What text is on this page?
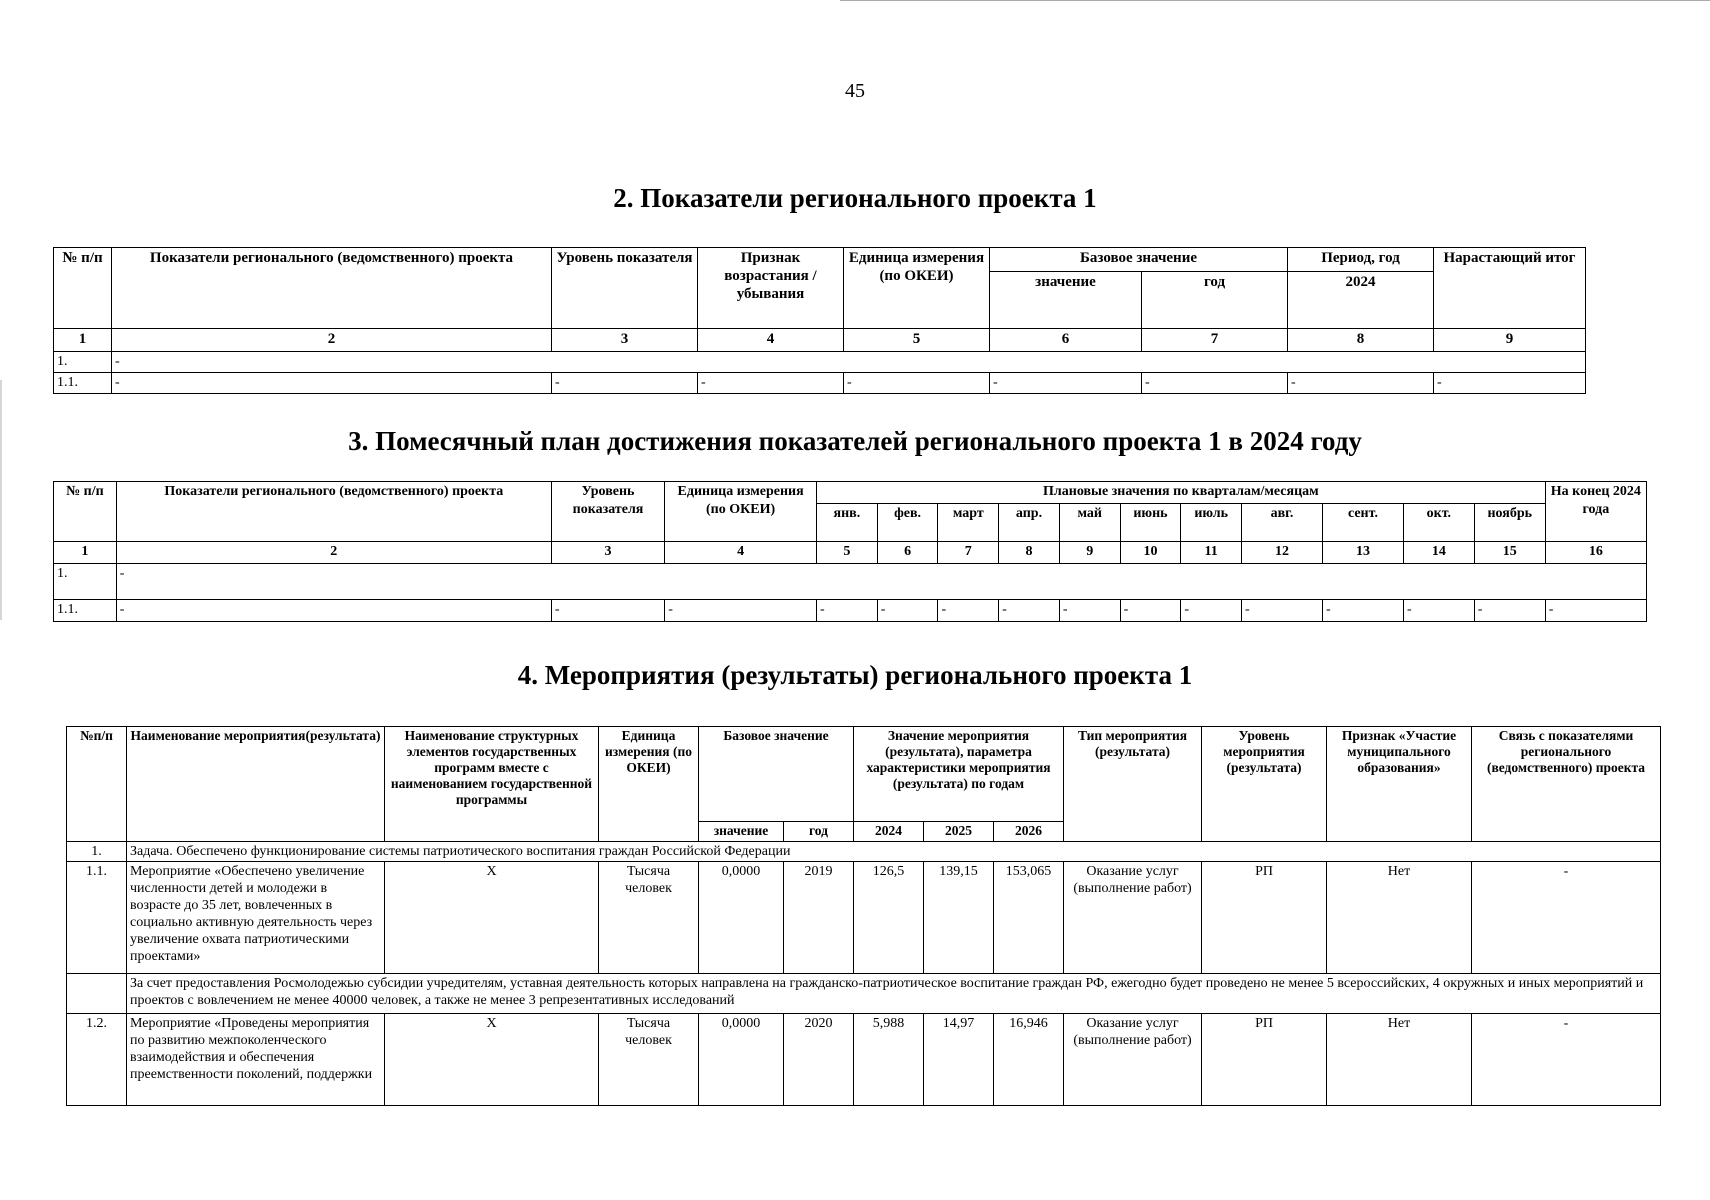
45
2. Показатели регионального проекта 1
№ п/п	Показатели регионального (ведомственного) проекта	Уровень показателя	Признак возрастания / убывания	Единица измерения (по ОКЕИ)	Базовое значение		Период, год	Нарастающий итог
					значение	год	2024	
1	2	3	4	5	6	7	8	9
1.	-							
1.1.	-	-	-	-	-	-	-	-
3. Помесячный план достижения показателей регионального проекта 1 в 2024 году
№ п/п	Показатели регионального (ведомственного) проекта	Уровень показателя	Единица измерения (по ОКЕИ)	Плановые значения по кварталам/месяцам											На конец 2024 года
				янв.	фев.	март	апр.	май	июнь	июль	авг.	сент.	окт.	ноябрь	
1	2	3	4	5	6	7	8	9	10	11	12	13	14	15	16
1.	-														
1.1.	-	-	-	-	-	-	-	-	-	-	-	-	-	-	-
4. Мероприятия (результаты) регионального проекта 1
№п/п	Наименование мероприятия(результата)	Наименование структурных элементов государственных программ вместе с наименованием государственной программы	Единица измерения (по ОКЕИ)	Базовое значение		Значение мероприятия (результата), параметра характеристики мероприятия (результата) по годам			Тип мероприятия (результата)	Уровень мероприятия (результата)	Признак «Участие муниципального образования»	Связь с показателями регионального (ведомственного) проекта
				значение	год	2024	2025	2026				
1.	Задача. Обеспечено функционирование системы патриотического воспитания граждан Российской Федерации											
1.1.	Мероприятие «Обеспечено увеличение численности детей и молодежи в возрасте до 35 лет, вовлеченных в социально активную деятельность через увеличение охвата патриотическими проектами»	X	Тысяча человек	0,0000	2019	126,5	139,15	153,065	Оказание услуг (выполнение работ)	РП	Нет	-
	За счет предоставления Росмолодежью субсидии учредителям, уставная деятельность которых направлена на гражданско-патриотическое воспитание граждан РФ, ежегодно будет проведено не менее 5 всероссийских, 4 окружных и иных мероприятий и проектов с вовлечением не менее 40000 человек, а также не менее 3 репрезентативных исследований											
1.2.	Мероприятие «Проведены мероприятия по развитию межпоколенческого взаимодействия и обеспечения преемственности поколений, поддержки	X	Тысяча человек	0,0000	2020	5,988	14,97	16,946	Оказание услуг (выполнение работ)	РП	Нет	-
